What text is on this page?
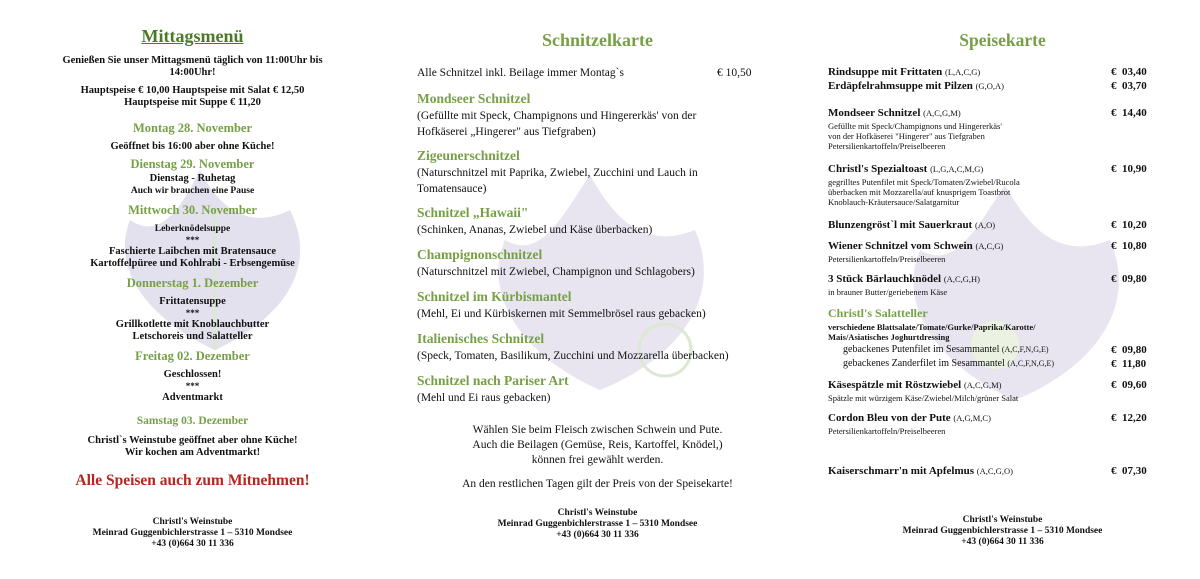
Mittagsmenü
Genießen Sie unser Mittagsmenü täglich von 11:00Uhr bis
14:00Uhr!
Hauptspeise € 10,00 Hauptspeise mit Salat € 12,50
Hauptspeise mit Suppe € 11,20
Montag 28. November
Geöffnet bis 16:00 aber ohne Küche!
Dienstag 29. November
Dienstag - Ruhetag
Auch wir brauchen eine Pause
Mittwoch 30. November
Leberknödelsuppe
***
Faschierte Laibchen mit Bratensauce
Kartoffelpüree und Kohlrabi - Erbsengemüse
Donnerstag 1. Dezember
Frittatensuppe
***
Grillkotlette mit Knoblauchbutter
Letschoreis und Salatteller
Freitag 02. Dezember
Geschlossen!
***
Adventmarkt
Samstag 03. Dezember
Christl`s Weinstube geöffnet aber ohne Küche!
Wir kochen am Adventmarkt!
Alle Speisen auch zum Mitnehmen!
Christl's Weinstube
Meinrad Guggenbichlerstrasse 1 – 5310 Mondsee
+43 (0)664 30 11 336
Schnitzelkarte
Alle Schnitzel inkl. Beilage immer Montag`s	€ 10,50
Mondseer Schnitzel
(Gefüllte mit Speck, Champignons und Hingererkäs' von der
Hofkäserei „Hingerer" aus Tiefgraben)
Zigeunerschnitzel
(Naturschnitzel mit Paprika, Zwiebel, Zucchini und Lauch in
Tomatensauce)
Schnitzel „Hawaii"
(Schinken, Ananas, Zwiebel und Käse überbacken)
Champignonschnitzel
(Naturschnitzel mit Zwiebel, Champignon und Schlagobers)
Schnitzel im Kürbismantel
(Mehl, Ei und Kürbiskernen mit Semmelbrösel raus gebacken)
Italienisches Schnitzel
(Speck, Tomaten, Basilikum, Zucchini und Mozzarella überbacken)
Schnitzel nach Pariser Art
(Mehl und Ei raus gebacken)
Wählen Sie beim Fleisch zwischen Schwein und Pute.
Auch die Beilagen (Gemüse, Reis, Kartoffel, Knödel,)
können frei gewählt werden.
An den restlichen Tagen gilt der Preis von der Speisekarte!
Christl's Weinstube
Meinrad Guggenbichlerstrasse 1 – 5310 Mondsee
+43 (0)664 30 11 336
Speisekarte
Rindsuppe mit Frittaten (L,A,C,G)	€  03,40
Erdäpfelrahmsuppe mit Pilzen (G,O,A)	€  03,70
Mondseer Schnitzel (A,C,G,M)	€  14,40
Gefüllte mit Speck/Champignons und Hingererkäs'
von der Hofkäserei "Hingerer" aus Tiefgraben
Petersilienkartoffeln/Preiselbeeren
Christl's Spezialtoast (L,G,A,C,M,G)	€  10,90
gegrilltes Putenfilet mit Speck/Tomaten/Zwiebel/Rucola
überbacken mit Mozzarella/auf knusprigem Toastbrot
Knoblauch-Kräutersauce/Salatgarnitur
Blunzengröst`l mit Sauerkraut (A,O)	€  10,20
Wiener Schnitzel vom Schwein (A,C,G)	€  10,80
Petersilienkartoffeln/Preiselbeeren
3 Stück Bärlauchknödel (A,C,G,H)	€  09,80
in brauner Butter/geriebenem Käse
Christl's Salatteller
verschiedene Blattsalate/Tomate/Gurke/Paprika/Karotte/
Mais/Asiatisches Joghurtdressing
gebackenes Putenfilet im Sesammantel (A,C,F,N,G,E)	€  09,80
gebackenes Zanderfilet im Sesammantel (A,C,F,N,G,E)	€  11,80
Käsespätzle mit Röstzwiebel (A,C,G,M)	€  09,60
Spätzle mit würzigem Käse/Zwiebel/Milch/grüner Salat
Cordon Bleu von der Pute (A,G,M,C)	€  12,20
Petersilienkartoffeln/Preiselbeeren
Kaiserschmarr'n mit Apfelmus (A,C,G,O)	€  07,30
Christl's Weinstube
Meinrad Guggenbichlerstrasse 1 – 5310 Mondsee
+43 (0)664 30 11 336
